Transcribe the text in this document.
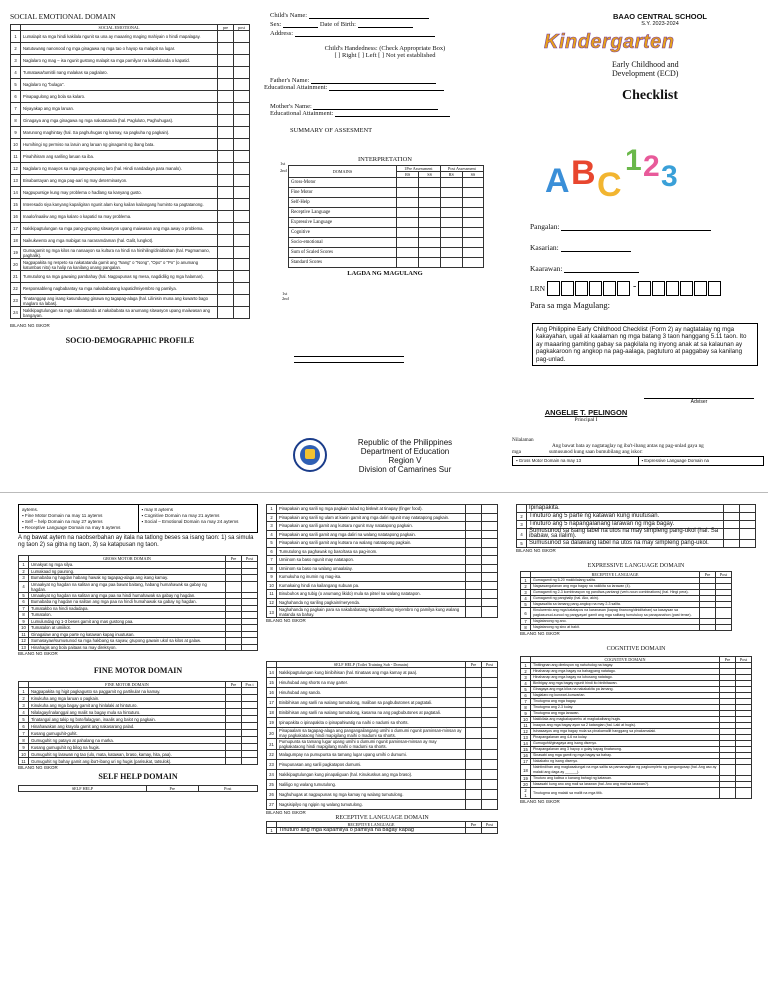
SOCIAL EMOTIONAL DOMAIN
	SOCIAL EMOTIONAL	pre	post
1	Lumalapit sa mga hindi kakilala ngunit sa una ay maaaring maging mahiyain o hindi mapalagay.		
2	Natutuwang nanonood ng mga ginagawa ng mga tao o hayop sa malapit na lugar.		
3	Naglalaro ng mag – isa ngunit gustong malapit sa mga pamilyar na kakalalanda o kapatid.		
4	Tumatawa/tumitili nang malakas sa paglalaro.		
5	Naglalaro ng "bulaga".		
6	Pinapagulong ang bola sa kalaro.		
7	Niyayakap ang mga laruan.		
8	Ginagaya ang mga ginagawa ng mga nakatatanda (hal. Pagluluto, Paghuhugas).		
9	Marunong maghintay (hal. Sa paghuhugas ng kamay, sa pagkuha ng pagkain).		
10	Humihingi ng permiso na laruin ang laruan ng ginagamit ng ibang bata.		
11	Pinahihiram ang sariling laruan sa iba.		
12	Naglalaro ng maayos sa mga pang-grupong laro (hal. Hindi nandadaya para manalo).		
13	Binabantayan ang mga pag-aari ng may determinasyon.		
14	Nagpupursige kung may problema o hadlang sa kanyang gusto.		
15	Interesado siya kanyang kapaligiran ngunit alam kung kailan kailangang huminto sa pagtatanong.		
16	Inaalo/inaaliw ang mga kalaro o kapatid na may problema.		
17	Nakikipagtulungan sa mga pang-grupong sitwasyon upang maiwasan ang mga away o problema.		
18	Naikukwento ang mga mabigat na nararamdaman (hal. Galit, lungkot).		
19	Gumagamit ng mga kilos na nanaayon sa kultura na hindi na hinihiling/diniditahan (hal. Pagmamano, paghalik).		
20	Nagpapakita ng respeto sa nakatatanda gamit ang "Nang" o "Nong", "Opo" o "Po" (o anumang katumbas nito) sa halip na kanilang unang pangalan.		
21	Tumutulong sa mga gawaing pambahay (hal. Nagpupunas ng mesa, nagdidilig ng mga halaman).		
22	Responsableng nagbabantay sa mga nakababatang kapatid/miyembro ng pamilya.		
23	Tinatanggap ang isang kasunduang ginawa ng tagapag-alaga (hal. Lilinisin muna ang kuwarto bago maglaro sa labas).		
24	Nakikipagtulungan sa mga nakatatanda at nakababata sa anumang sitwasyon upang maiiwasan ang bangayan.		
BILANG NG ISKOR
SOCIO-DEMOGRAPHIC PROFILE
Child's Name:
Sex:	Date of Birth:
Address:
Child's Handedness: (Check Appropriate Box)
[ ] Right [ ] Left [ ] Not yet established
Father's Name:
Educational Attainment:
Mother's Name:
Educational Attainment:
SUMMARY OF ASSESMENT
INTERPRETATION
1st
2nd	DOMAINS	1Pre Assessment		Post Assessment	
	RS	SS	RS	SS
Gross-Motor				
Fine Motor				
Self-Help				
Receptive Language				
Expressive Language				
Cognitive				
Socio-emotional				
Sum of Scaled Scores				
Standard Scores				
LAGDA NG MAGULANG
1st
2nd
Republic of the Philippines
Department of Education
Region V
Division of Camarines Sur
BAAO CENTRAL SCHOOL
S.Y. 2023-2024
Kindergarten
Early Childhood and
Development (ECD)
Checklist
A B C
1 2 3
Pangalan:
Kasarian:
Kaarawan:
LRN	-
Para sa mga Magulang:
Ang Philippine Early Childhood Checklist (Form 2) ay nagtatalay ng mga kakayahan, ugali at kaalaman ng mga batang 3 taon hanggang 5.11 taon. Ito ay maaaring gamiting gabay sa pagkilala ng inyong anak at sa kalaunan ay pagkakaroon ng angkop na pag-aalaga, pagtuturo at paggabay sa kanilang pag-unlad.
Adviser
ANGELIE T. PELINGON
Principal I
Nilalaman
Ang bawat bata ay nagtataglay ng iba't-ibang antas ng pag-unlad gaya ng
mga	sumusunod kung saan bumubilang ang iskor:
▪ Gross Motor Domain na may 13	▪ Expressive Language Domain na
aytems.
▪ Fine Motor Domain na may 11 aytems
▪ Self – help Domain na may 27 aytems
▪ Receptive Language Domain na may 5 aytems
▪ may 8 aytems
▪ Cognitive Domain na may 21 aytems
▪ Social – Emotional Domain na may 24 aytems
A ng bawat aytem na naobserbahan ay itala na tatlong beses sa isang taon: 1) sa simula ng taon 2) sa gitna ng taon, 3) sa katapusan ng taon.
	GROSS MOTOR DOMAIN	Pre	Post
1	Umakyat ng mga silya.		
2	Lumakaad ng paurong.		
3	Bumababa ng hagdan habang hawak ng tagapag-alaga ang isang kamay.		
4	Umaakyat ng hagdan na salitan ang mga paa bawat baitang, habang humahawak sa gabay ng hagdan.		
5	Umaakyat ng hagdan na salitan ang mga paa na hindi humahawak sa gabay ng hagdan.		
6	Bumababa ng hagdan na salitan ang mga paa na hindi humahawak sa gabay ng hagdan.		
7	Tumatakbo na hindi nadadapa.		
8	Tumatalon.		
9	Lumulundag ng 1-3 beses gamit ang mas gustong paa.		
10	Tumatalon at umiikot.		
11	Ginagalaw ang mga parte ng katawan kapag inuutusan.		
12	Sumasayaw/sumusunod sa mga hakbang sa sayaw, grupong gawain ukol sa kilos at galaw.		
13	Hinahagis ang bola paitaas na may direksyon.		
BILANG NG ISKOR
FINE MOTOR DOMAIN
	FINE MOTOR DOMAIN	Pre	Pos t
1	Nagpapakita ng higit pagkagusto sa paggamit ng partikular na kamay.		
2	Kinukuha ang mga laruan o pagkain.		
3	Kinukuha ang mga bagay gamit ang hinlalaki at hintuturo.		
4	Nilalagay/inalanggal ang maliit na bagay mula sa hintuturo.		
5	Tinatangal ang takip ng bote/lalagyan, inaalis ang balot ng pagkain.		
6	Hinahawakan ang krayola gamit ang nakasarang palad.		
7	Kusang gumuguhit-guhit.		
8	Gumuguhit ng patayo at pahalang na marka.		
9	Kusang gumuguhit ng bilog na hugis.		
10	Gumuguhit ng larawan ng tao (ulo, mata, katawan, braso, kamay, hita, paa).		
11	Gumuguhit ng bahay gamit ang iba't-ibang uri ng hugis (parisukat, tatsulok).		
BILANG NG ISKOR
SELF HELP DOMAIN
SELF HELP	Pre	Post
1	Pinapakain ang sarili ng mga pagkain tulad ng biskwit at tinapay (finger food).		
2	Pinapakain ang sarili ng ulam at kanin gamit ang mga daliri ngunit may natatapong pagkain.		
3	Pinapakain ang sarili gamit ang kutsara ngunit may natatapong pagkain.		
4	Pinapakain ang sarili gamit ang mga daliri na walang natatapong pagkain.		
5	Pinapakain ang sarili gamit ang kutsara na walang natatapong pagkain.		
6	Tumutulong sa paghawak ng baso/tasa sa pag-inom.		
7	Umiinom sa baso ngunit may natatapon.		
8	Umiinom sa baso na walang umaalalay.		
9	Kumukuha ng inumin ng mag-isa.		
10	Kumakaing hindi na kailangang subuan pa.		
11	Binubuhos ang tubig (o anumang likido) mula sa pitsel na walang natatapon.		
12	Naghahanda ng sariling pagkain/meryenda.		
13	Naghahanda ng pagkain para sa nakababatang kapatid/ibang miyembro ng pamilya kung walang matanda sa bahay.		
BILANG NG ISKOR
	SELF HELP (Toilet Training Sub - Domain)	Pre	Post
14	Nakikipagtulungan kung binibihisan (hal. Itinataas ang mga kamay at paa).		
15	Hinuhubad ang shorts na may garter.		
16	Hinuhubad ang sando.		
17	Binibihisan ang sarili na walang tumutulong, maliban sa pagbubutones at pagtatali.		
18	Binibihisan ang sarili na walang tumutulong, kasama na ang pagbubutones at pagtatali.		
19	Ipinapakita o ipinapakita o ipinapahiwatig na naihi o nadumi sa shorts.		
20	Pinapaalam sa tagapag-alaga ang pangangailangang umihi o dumumi ngunit paminsan-minsan ay may pagkakataong hindi mapigilang maihi o madumi sa shorts.		
21	Pumupunta sa tamang lugar upang umihi o dumumi ngunit paminsan-minsan ay may pagkakataong hindi mapigilang maihi o madumi sa shorts.		
22	Malagumpay na pumupunta sa tamang lugar upang umihi o dumumi.		
23	Pinupunasan ang sarili pagkatapos dumumi.		
24	Nakikipagtulungan kung pinapaliguan (hal. Kinukuskus ang mga braso).		
25	Naliligo ng walang tumutulong.		
26	Naghuhugas at nagpupunas ng mga kamay ng walang tumutulong.		
27	Nagsisipilyo ng ngipin ng walang tumutulong.		
BILANG NG ISKOR
RECEPTIVE LANGUAGE DOMAIN
	RECEPTIVE LANGUAGE	Pre	Post
1	Tinuturo ang mga kapamilya o pamilya na bagay kapag		
	Ipinapakita.		
2	Tinuturo ang 5 parte ng katawan kung inuutusan.		
3	Tinuturo ang 5 napangalanang larawan ng mga bagay.		
4	Sumusunod sa isang label na utos na may simpleng pang-ukol (hal. Sa ibabaw, sa ilalim).		
5	Sumusunod sa dalawang label na utos na may simpleng pang-ukol.		
BILANG NG ISKOR
EXPRESSIVE LANGUAGE DOMAIN
	RECEPTIVE LANGUAGE	Pre	Post
1	Gumagamit ng 5-20 makikilalang salita.		
2	Nagsasangalanan ang mga bagay na nakikita sa larawan (4).		
3	Gumagamit ng 2-3 kombinasyon ng pandiwa-pantangi (verb-noun combinations) (hal. Hingi pera).		
4	Gumagamit ng panghalip (hal. Ako, akin).		
5	Nagsasalita sa tamang pang-angkop na may 2-3 salita.		
6	Kinukwento ang mga katatapos na karanasan (kapag tinanong/diniditahan) sa kasaysan sa pagkasunud-sunod ng pangyayari gamit ang mga salitang tumutukoy sa panapanahon (past tense).		
7	Nagtatanong ng ano.		
8	Nagtatanong ng sino at bakit.		
BILANG NG ISKOR
COGNITIVE DOMAIN
	COGNITIVE DOMAIN	Pre	Post
1	Tinitingnan ang direksyon ng nahuhulog na bagay.		
2	Hinahanap ang mga bagay na bahagyang natatago.		
3	Hinahanap ang mga bagay na lubusang natatago.		
4	Binibigay ang mga bagay ngunit hindi ito binibitawan.		
5	Ginagaya ang mga kilos na nakakakita pa lamang.		
6	Naglalaro ng kunwari-kunwarian.		
7	Tinutugma ang mga bagay.		
8	Tinutugma ang 2-3 kulay.		
9	Tinutugma ang mga larawan.		
10	Nakikilala ang magkakaparehu at magkakaibang hugis.		
11	Inaayos ang mga bagay ayon sa 2 katangian (hal. Laki at hugis).		
12	Isinasaayos ang mga bagay mula sa pinakamaliit hanggang sa pinakamalaki.		
13	Pinapangalanan ang 4-6 na kulay.		
14	Gumuguhit/ginagaya ang isang disenyo.		
15	Pinapangalanan ang 3 hayop o gulay kapag tinatanong.		
16	Sinasabi ang mga gamit ng mga bagay sa bahay.		
17	Nakakabo ng isang disenyo.		
18	Naintindihan ang magkasalungat na mga salita sa pamamagitan ng pagkumpleto ng pangungusap (hal. Ang aso ay malaki ang daga ay ______).		
19	Tinuturo ang kaliwa o kanang bahagi ng katawan.		
20	Nasasabi kung ano ang mali sa larawan (hal. Ano ang mali sa larawan?).		
2 1	Tinutugma ang malaki sa maliit na mga titik.		
BILANG NG ISKOR
